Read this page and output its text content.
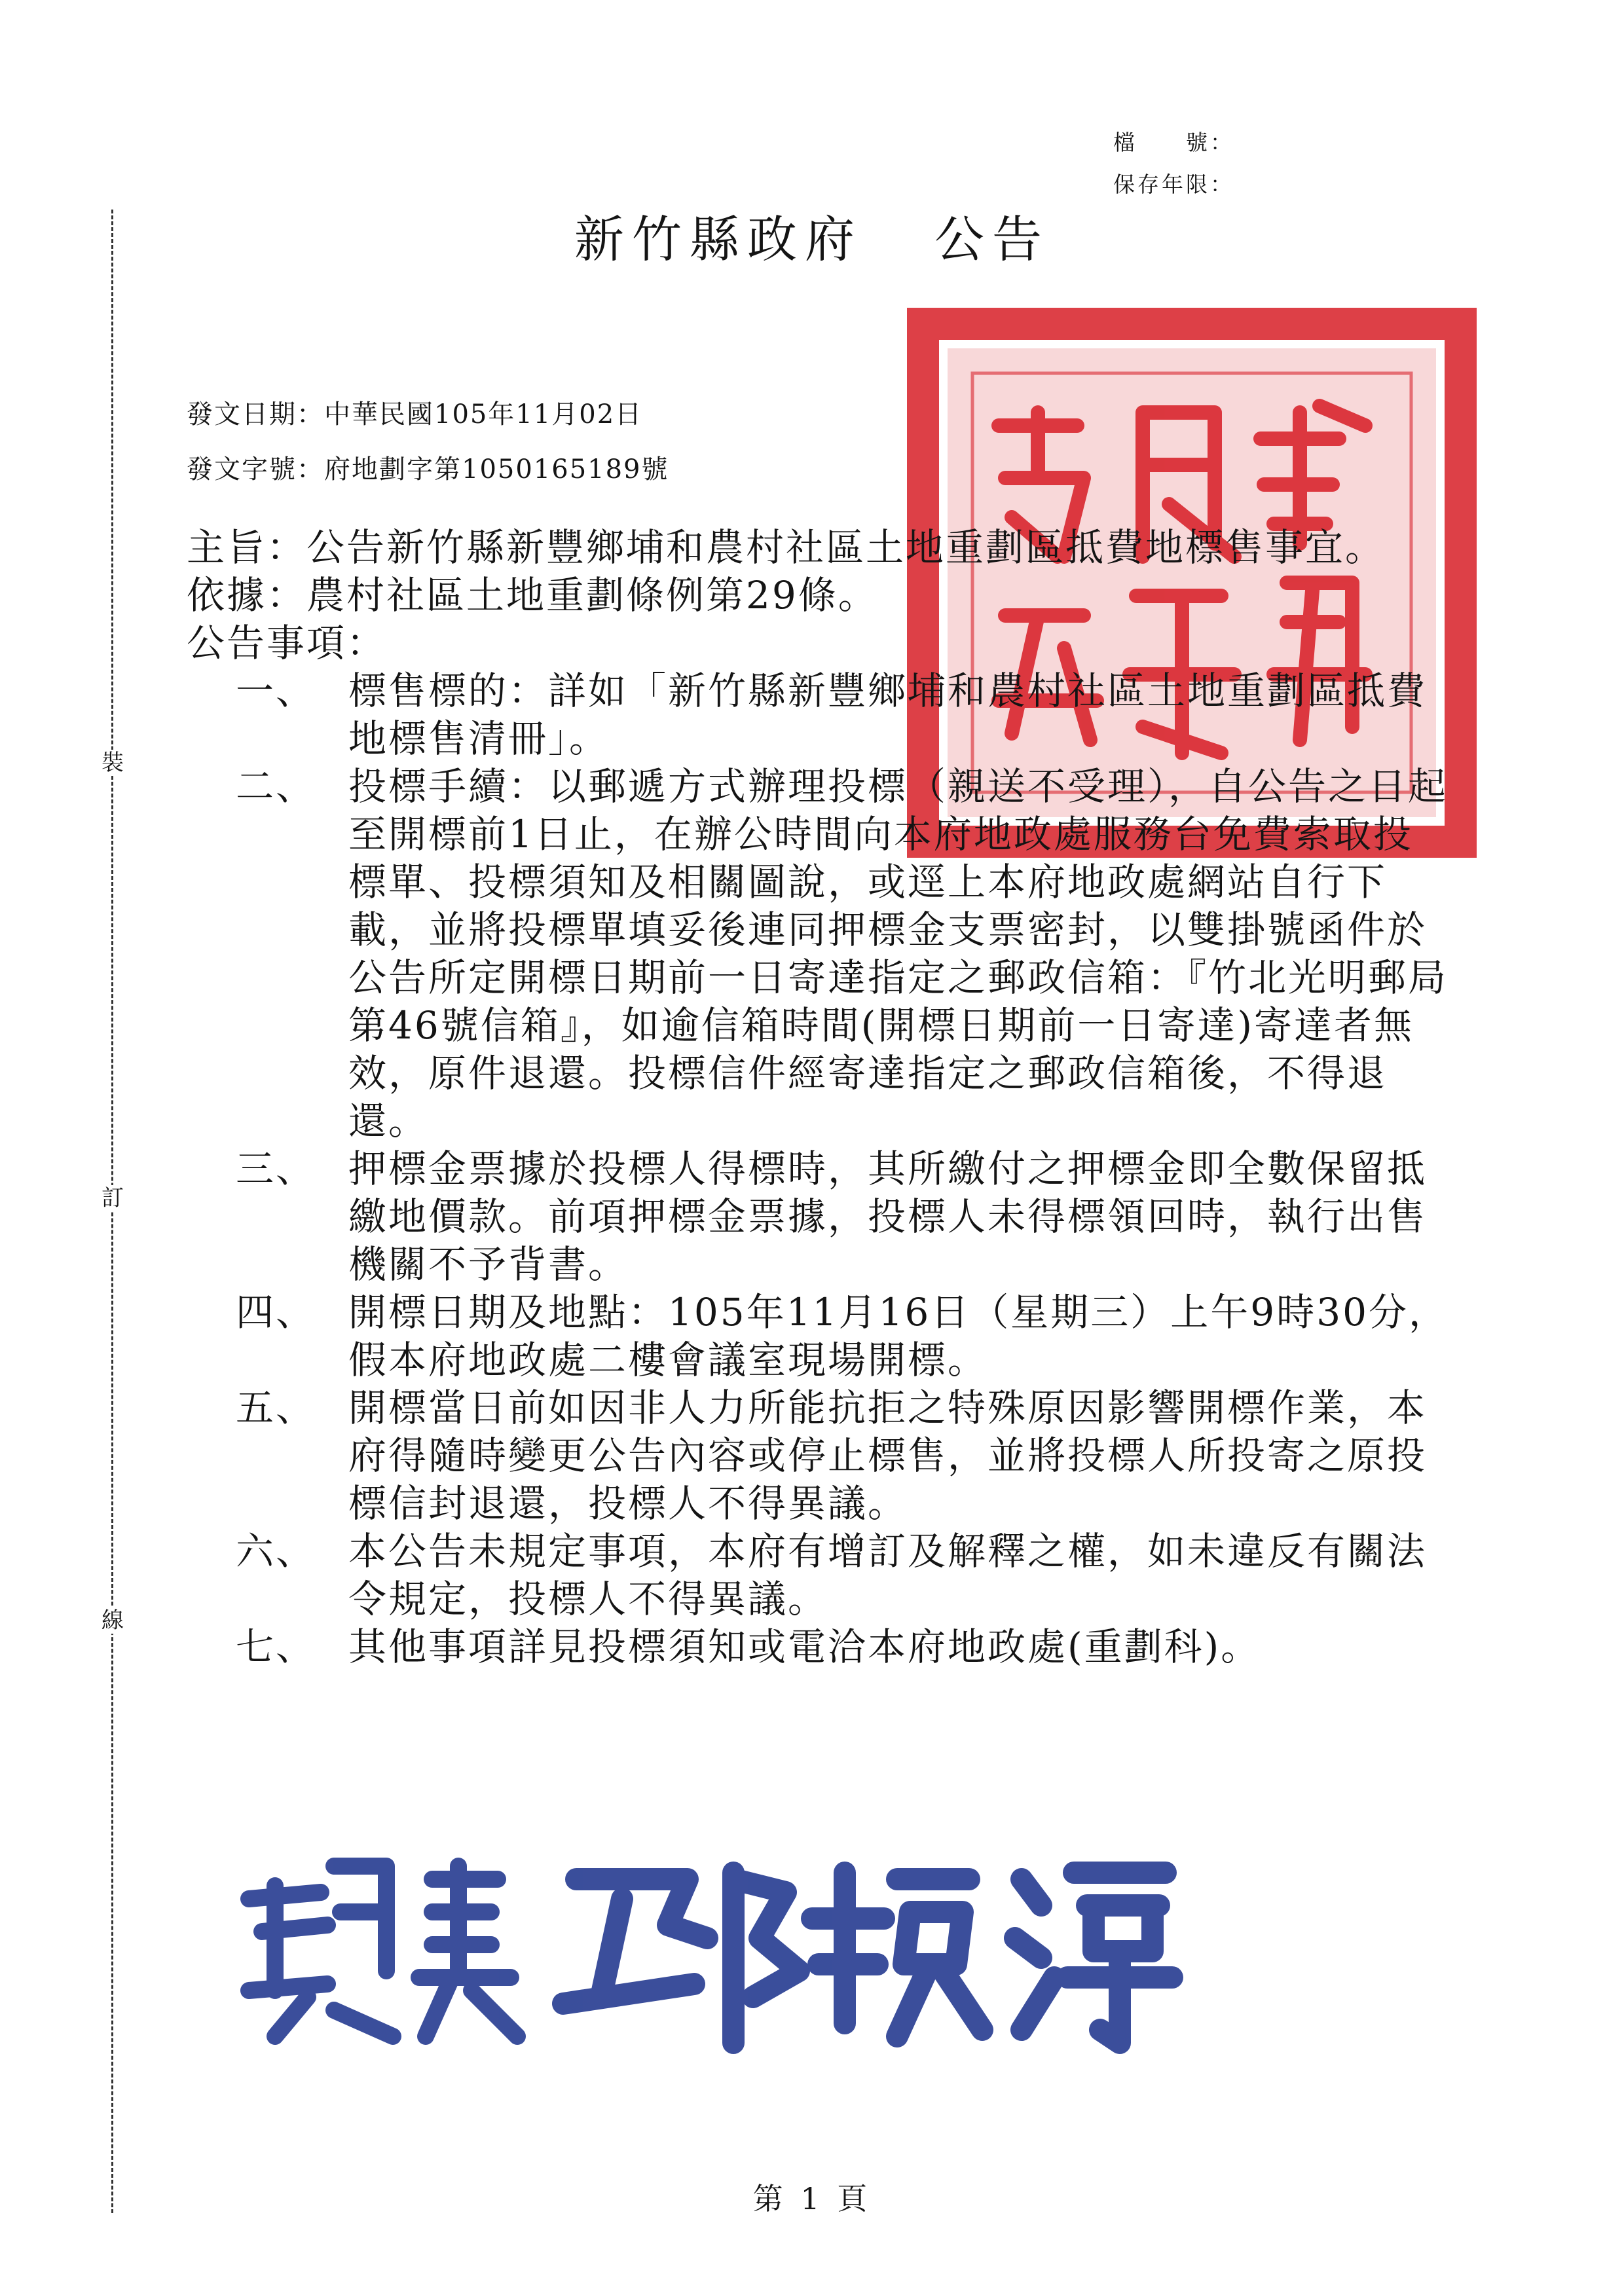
裝
訂
線
檔　　號：
保存年限：
新竹縣政府 公告
發文日期：中華民國105年11月02日
發文字號：府地劃字第1050165189號
主旨： 公告新竹縣新豐鄉埔和農村社區土地重劃區抵費地標售事宜。
依據： 農村社區土地重劃條例第29條。
公告事項：
一、 標售標的：詳如「新竹縣新豐鄉埔和農村社區土地重劃區抵費地標售清冊」。
二、 投標手續：以郵遞方式辦理投標（親送不受理），自公告之日起至開標前1日止，在辦公時間向本府地政處服務台免費索取投標單、投標須知及相關圖說，或逕上本府地政處網站自行下載，並將投標單填妥後連同押標金支票密封，以雙掛號函件於公告所定開標日期前一日寄達指定之郵政信箱：『竹北光明郵局第46號信箱』，如逾信箱時間(開標日期前一日寄達)寄達者無效，原件退還。投標信件經寄達指定之郵政信箱後，不得退還。
三、 押標金票據於投標人得標時，其所繳付之押標金即全數保留抵繳地價款。前項押標金票據，投標人未得標領回時，執行出售機關不予背書。
四、 開標日期及地點：105年11月16日（星期三）上午9時30分，假本府地政處二樓會議室現場開標。
五、 開標當日前如因非人力所能抗拒之特殊原因影響開標作業，本府得隨時變更公告內容或停止標售，並將投標人所投寄之原投標信封退還，投標人不得異議。
六、 本公告未規定事項，本府有增訂及解釋之權，如未違反有關法令規定，投標人不得異議。
七、 其他事項詳見投標須知或電洽本府地政處(重劃科)。
第 1 頁
